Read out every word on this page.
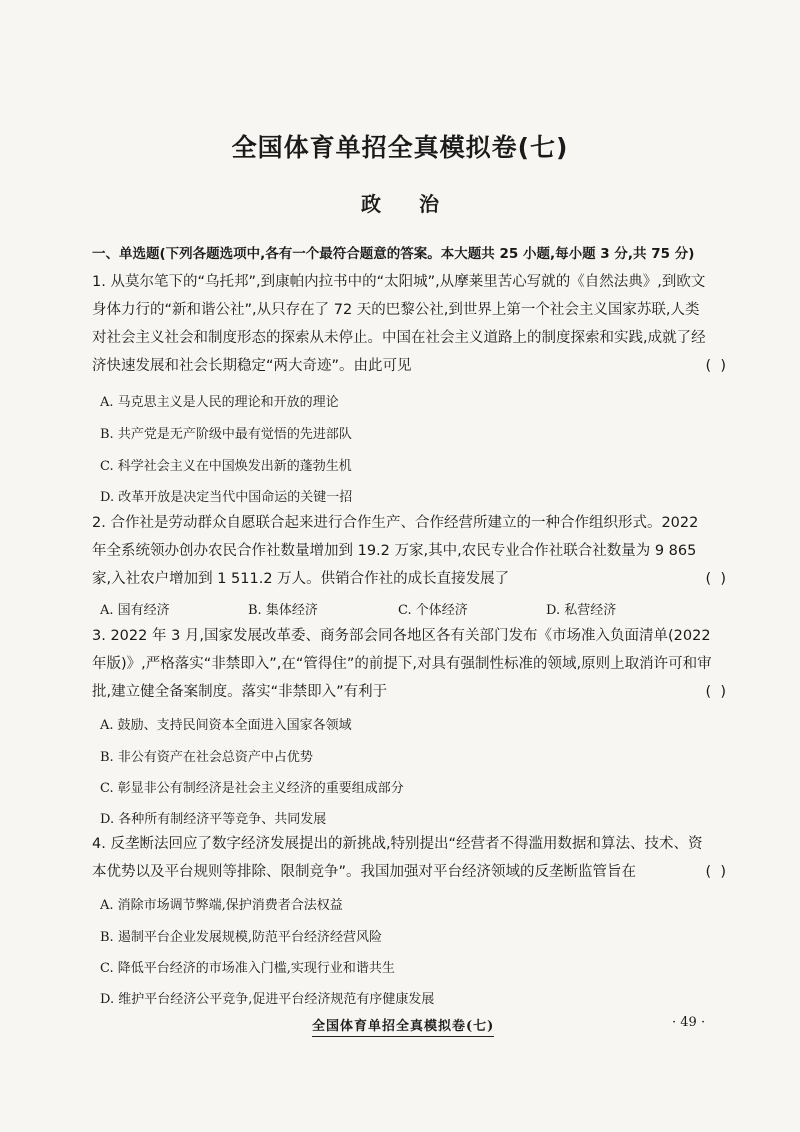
全国体育单招全真模拟卷(七)
政治
一、单选题(下列各题选项中,各有一个最符合题意的答案。本大题共 25 小题,每小题 3 分,共 75 分)
1. 从莫尔笔下的“乌托邦”,到康帕内拉书中的“太阳城”,从摩莱里苦心写就的《自然法典》,到欧文身体力行的“新和谐公社”,从只存在了 72 天的巴黎公社,到世界上第一个社会主义国家苏联,人类对社会主义社会和制度形态的探索从未停止。中国在社会主义道路上的制度探索和实践,成就了经济快速发展和社会长期稳定“两大奇迹”。由此可见	(  )
A. 马克思主义是人民的理论和开放的理论
B. 共产党是无产阶级中最有觉悟的先进部队
C. 科学社会主义在中国焕发出新的蓬勃生机
D. 改革开放是决定当代中国命运的关键一招
2. 合作社是劳动群众自愿联合起来进行合作生产、合作经营所建立的一种合作组织形式。2022 年全系统领办创办农民合作社数量增加到 19.2 万家,其中,农民专业合作社联合社数量为 9 865 家,入社农户增加到 1 511.2 万人。供销合作社的成长直接发展了	(  )
A. 国有经济	B. 集体经济	C. 个体经济	D. 私营经济
3. 2022 年 3 月,国家发展改革委、商务部会同各地区各有关部门发布《市场准入负面清单(2022 年版)》,严格落实“非禁即入”,在“管得住”的前提下,对具有强制性标准的领域,原则上取消许可和审批,建立健全备案制度。落实“非禁即入”有利于	(  )
A. 鼓励、支持民间资本全面进入国家各领域
B. 非公有资产在社会总资产中占优势
C. 彰显非公有制经济是社会主义经济的重要组成部分
D. 各种所有制经济平等竞争、共同发展
4. 反垄断法回应了数字经济发展提出的新挑战,特别提出“经营者不得滥用数据和算法、技术、资本优势以及平台规则等排除、限制竞争”。我国加强对平台经济领域的反垄断监管旨在	(  )
A. 消除市场调节弊端,保护消费者合法权益
B. 遏制平台企业发展规模,防范平台经济经营风险
C. 降低平台经济的市场准入门槛,实现行业和谐共生
D. 维护平台经济公平竞争,促进平台经济规范有序健康发展
全国体育单招全真模拟卷(七)	· 49 ·
